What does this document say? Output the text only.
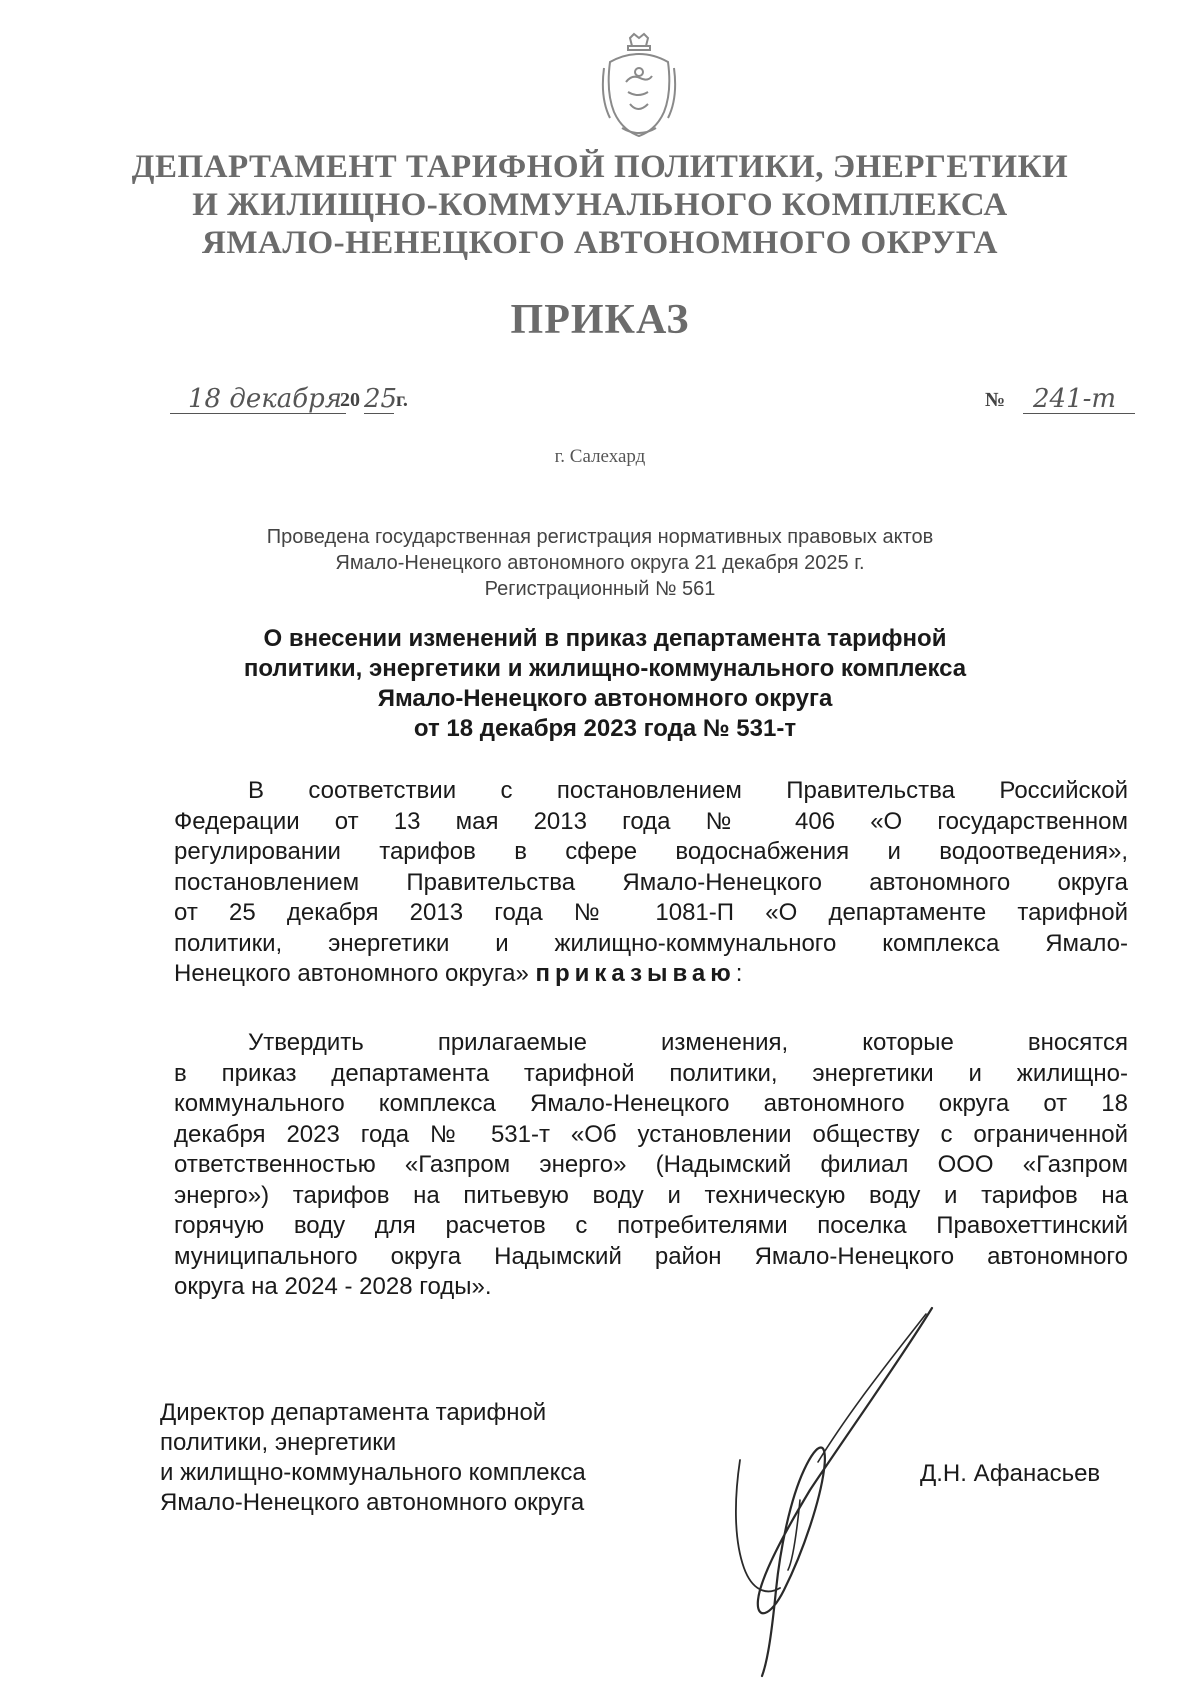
ДЕПАРТАМЕНТ ТАРИФНОЙ ПОЛИТИКИ, ЭНЕРГЕТИКИ
И ЖИЛИЩНО-КОММУНАЛЬНОГО КОМПЛЕКСА
ЯМАЛО-НЕНЕЦКОГО АВТОНОМНОГО ОКРУГА
ПРИКАЗ
18 декабря
20 25
г.	№ 241-т
г. Салехард
Проведена государственная регистрация нормативных правовых актов
Ямало-Ненецкого автономного округа 21 декабря 2025 г.
Регистрационный № 561
О внесении изменений в приказ департамента тарифной
политики, энергетики и жилищно-коммунального комплекса
Ямало-Ненецкого автономного округа
от 18 декабря 2023 года № 531-т
В соответствии с постановлением Правительства Российской
Федерации от 13 мая 2013 года № 406 «О государственном
регулировании тарифов в сфере водоснабжения и водоотведения»,
постановлением Правительства Ямало-Ненецкого автономного округа
от 25 декабря 2013 года № 1081-П «О департаменте тарифной
политики, энергетики и жилищно-коммунального комплекса Ямало-
Ненецкого автономного округа» приказываю:
Утвердить прилагаемые изменения, которые вносятся
в приказ департамента тарифной политики, энергетики и жилищно-
коммунального комплекса Ямало-Ненецкого автономного округа от 18
декабря 2023 года № 531-т «Об установлении обществу с ограниченной
ответственностью «Газпром энерго» (Надымский филиал ООО «Газпром
энерго») тарифов на питьевую воду и техническую воду и тарифов на
горячую воду для расчетов с потребителями поселка Правохеттинский
муниципального округа Надымский район Ямало-Ненецкого автономного
округа на 2024 - 2028 годы».
Директор департамента тарифной
политики, энергетики
и жилищно-коммунального комплекса
Ямало-Ненецкого автономного округа
Д.Н. Афанасьев
